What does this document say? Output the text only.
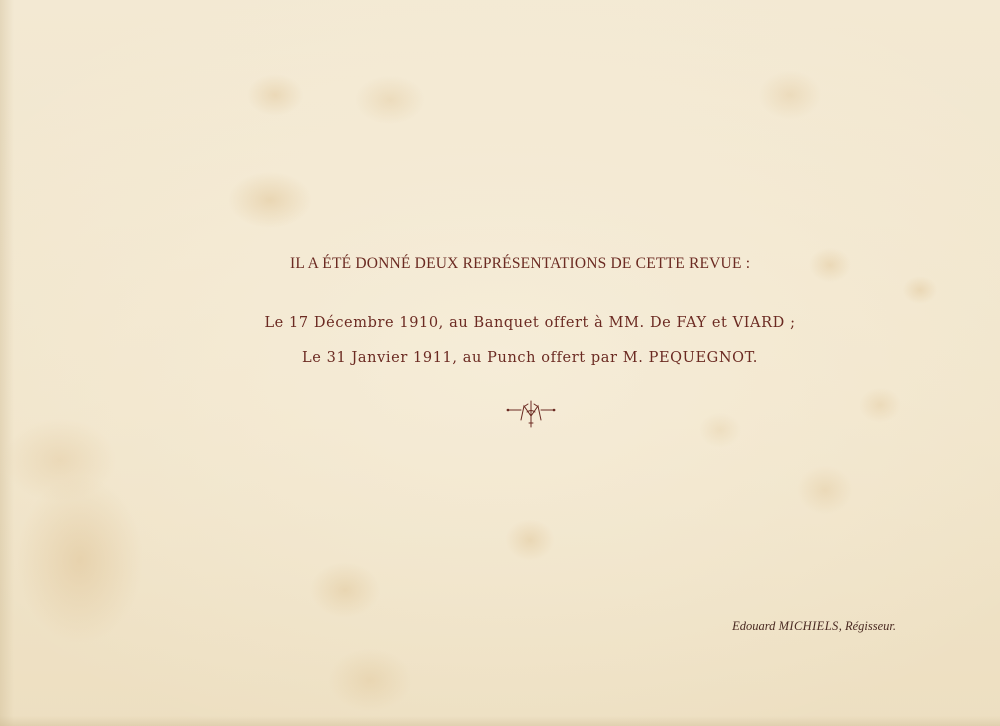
IL A ÉTÉ DONNÉ DEUX REPRÉSENTATIONS DE CETTE REVUE :
Le 17 Décembre 1910, au Banquet offert à MM. De FAY et VIARD ;
Le 31 Janvier 1911, au Punch offert par M. PEQUEGNOT.
Edouard MICHIELS, Régisseur.
